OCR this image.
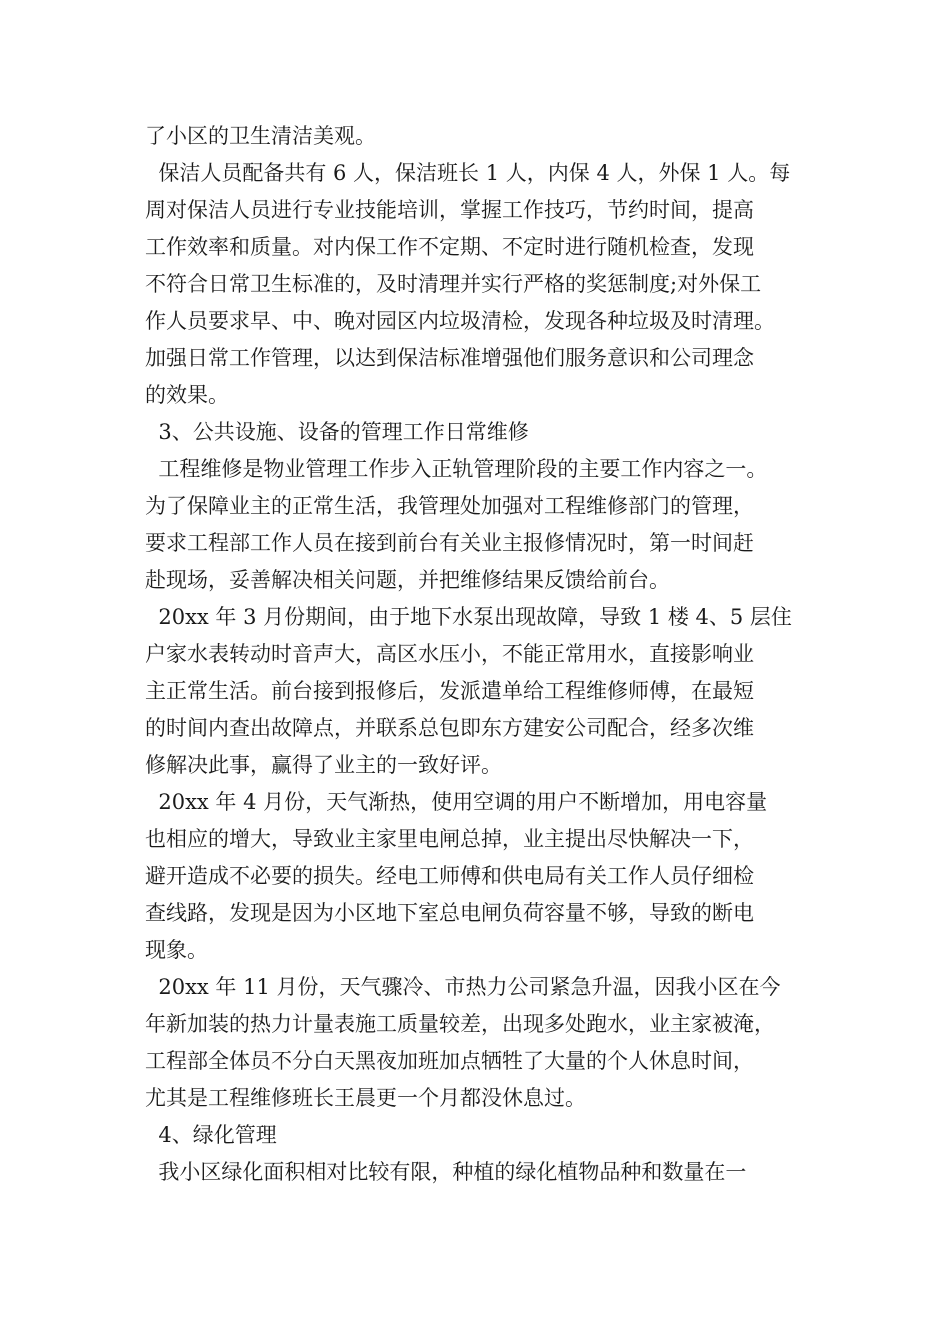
了小区的卫生清洁美观。
保洁人员配备共有 6 人，保洁班长 1 人，内保 4 人，外保 1 人。每
周对保洁人员进行专业技能培训，掌握工作技巧，节约时间，提高
工作效率和质量。对内保工作不定期、不定时进行随机检查，发现
不符合日常卫生标准的，及时清理并实行严格的奖惩制度;对外保工
作人员要求早、中、晚对园区内垃圾清检，发现各种垃圾及时清理。
加强日常工作管理，以达到保洁标准增强他们服务意识和公司理念
的效果。
3、公共设施、设备的管理工作日常维修
工程维修是物业管理工作步入正轨管理阶段的主要工作内容之一。
为了保障业主的正常生活，我管理处加强对工程维修部门的管理，
要求工程部工作人员在接到前台有关业主报修情况时，第一时间赶
赴现场，妥善解决相关问题，并把维修结果反馈给前台。
20xx 年 3 月份期间，由于地下水泵出现故障，导致 1 楼 4、5 层住
户家水表转动时音声大，高区水压小，不能正常用水，直接影响业
主正常生活。前台接到报修后，发派遣单给工程维修师傅，在最短
的时间内查出故障点，并联系总包即东方建安公司配合，经多次维
修解决此事，赢得了业主的一致好评。
20xx 年 4 月份，天气渐热，使用空调的用户不断增加，用电容量
也相应的增大，导致业主家里电闸总掉，业主提出尽快解决一下，
避开造成不必要的损失。经电工师傅和供电局有关工作人员仔细检
查线路，发现是因为小区地下室总电闸负荷容量不够，导致的断电
现象。
20xx 年 11 月份，天气骤冷、市热力公司紧急升温，因我小区在今
年新加装的热力计量表施工质量较差，出现多处跑水，业主家被淹，
工程部全体员不分白天黑夜加班加点牺牲了大量的个人休息时间，
尤其是工程维修班长王晨更一个月都没休息过。
4、绿化管理
我小区绿化面积相对比较有限，种植的绿化植物品种和数量在一
